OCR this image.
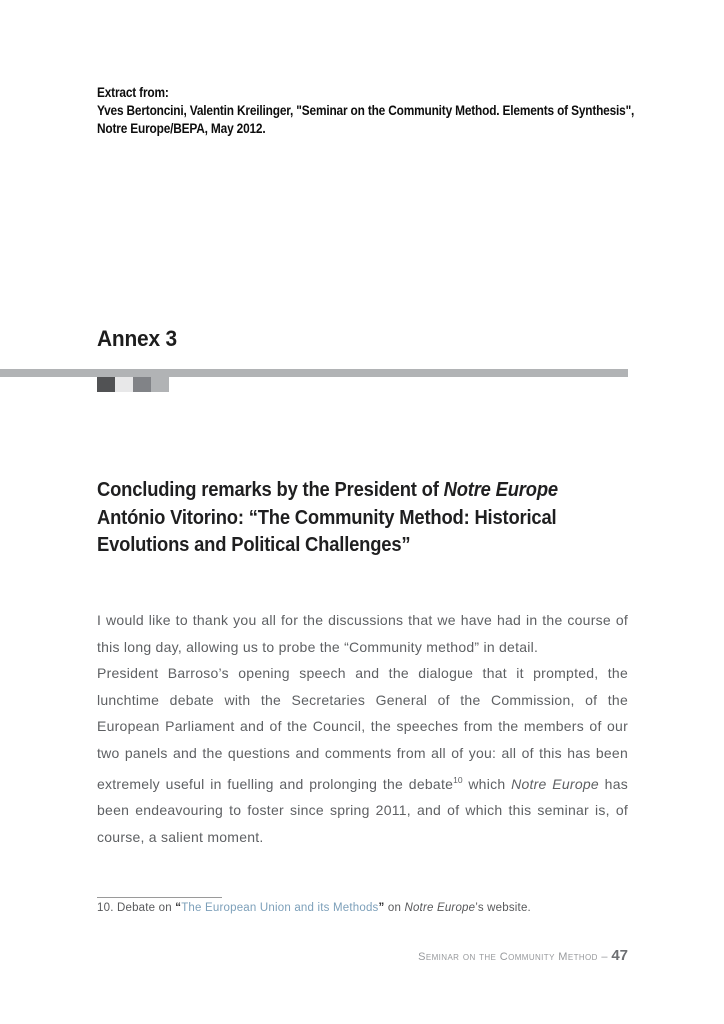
Extract from:
Yves Bertoncini, Valentin Kreilinger, "Seminar on the Community Method. Elements of Synthesis",
Notre Europe/BEPA, May 2012.
Annex 3
Concluding remarks by the President of Notre Europe
António Vitorino: “The Community Method: Historical
Evolutions and Political Challenges”

I would like to thank you all for the discussions that we have had in the course of this long day, allowing us to probe the “Community method” in detail.

President Barroso’s opening speech and the dialogue that it prompted, the lunchtime debate with the Secretaries General of the Commission, of the European Parliament and of the Council, the speeches from the members of our two panels and the questions and comments from all of you: all of this has been extremely useful in fuelling and prolonging the debate$^{10}$ which Notre Europe has been endeavouring to foster since spring 2011, and of which this seminar is, of course, a salient moment.

10. Debate on “The European Union and its Methods” on Notre Europe’s website.
Seminar on the Community Method – 47
